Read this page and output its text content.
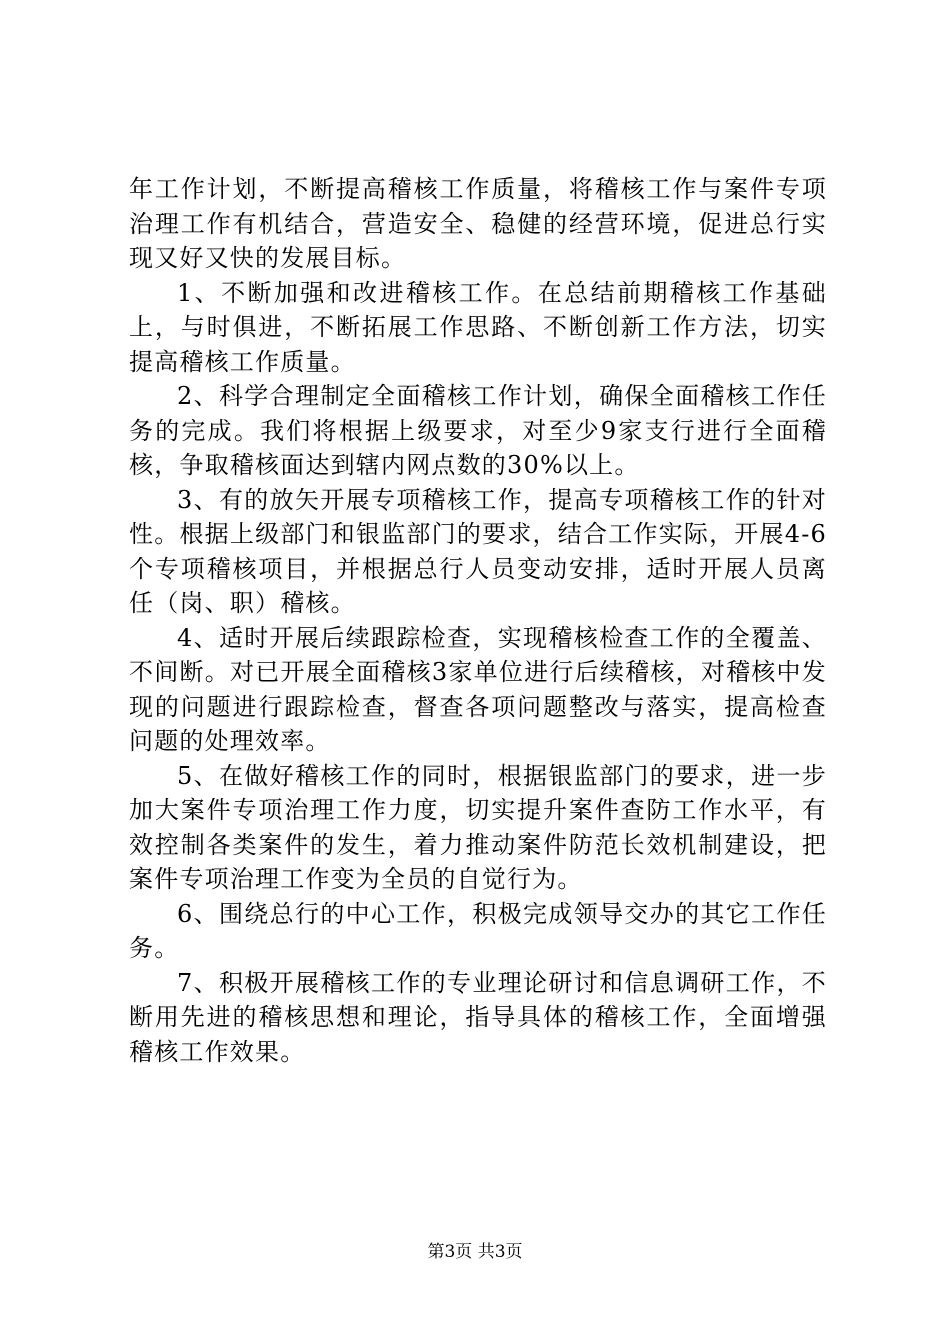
年工作计划，不断提高稽核工作质量，将稽核工作与案件专项治理工作有机结合，营造安全、稳健的经营环境，促进总行实现又好又快的发展目标。

1、不断加强和改进稽核工作。在总结前期稽核工作基础上，与时俱进，不断拓展工作思路、不断创新工作方法，切实提高稽核工作质量。

2、科学合理制定全面稽核工作计划，确保全面稽核工作任务的完成。我们将根据上级要求，对至少9家支行进行全面稽核，争取稽核面达到辖内网点数的30%以上。

3、有的放矢开展专项稽核工作，提高专项稽核工作的针对性。根据上级部门和银监部门的要求，结合工作实际，开展4-6个专项稽核项目，并根据总行人员变动安排，适时开展人员离任（岗、职）稽核。

4、适时开展后续跟踪检查，实现稽核检查工作的全覆盖、不间断。对已开展全面稽核3家单位进行后续稽核，对稽核中发现的问题进行跟踪检查，督查各项问题整改与落实，提高检查问题的处理效率。

5、在做好稽核工作的同时，根据银监部门的要求，进一步加大案件专项治理工作力度，切实提升案件查防工作水平，有效控制各类案件的发生，着力推动案件防范长效机制建设，把案件专项治理工作变为全员的自觉行为。

6、围绕总行的中心工作，积极完成领导交办的其它工作任务。

7、积极开展稽核工作的专业理论研讨和信息调研工作，不断用先进的稽核思想和理论，指导具体的稽核工作，全面增强稽核工作效果。

第3页 共3页
